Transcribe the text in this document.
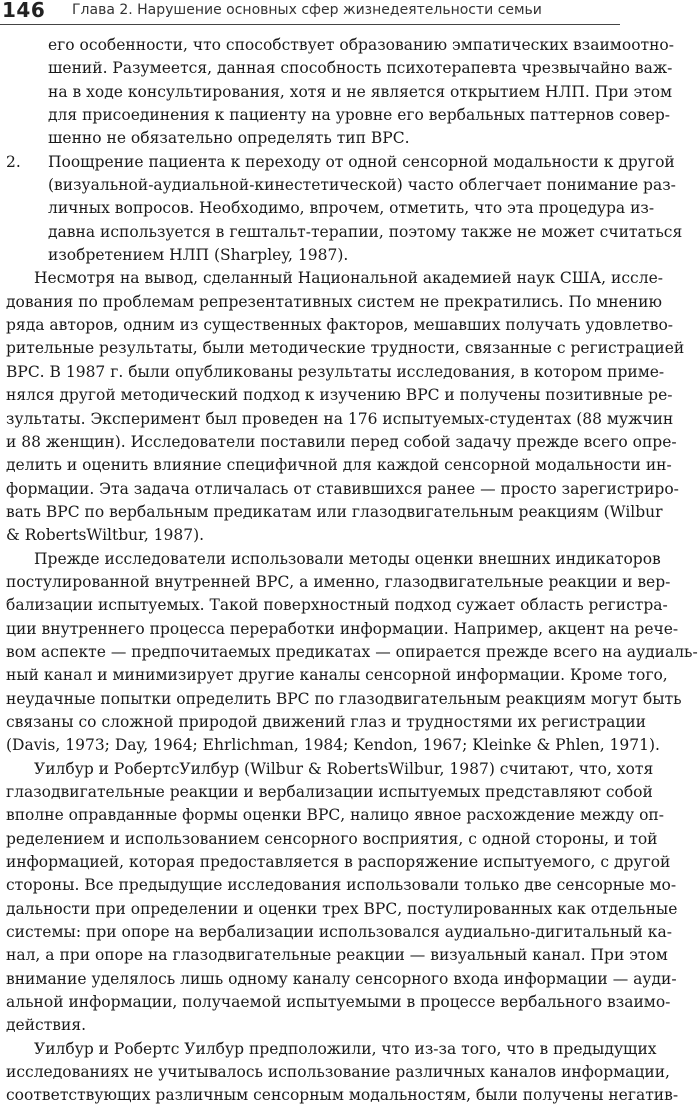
146 Глава 2. Нарушение основных сфер жизнедеятельности семьи
его особенности, что способствует образованию эмпатических взаимоотно-
шений. Разумеется, данная способность психотерапевта чрезвычайно важ-
на в ходе консультирования, хотя и не является открытием НЛП. При этом
для присоединения к пациенту на уровне его вербальных паттернов совер-
шенно не обязательно определять тип ВРС.
2. Поощрение пациента к переходу от одной сенсорной модальности к другой
(визуальной-аудиальной-кинестетической) часто облегчает понимание раз-
личных вопросов. Необходимо, впрочем, отметить, что эта процедура из-
давна используется в гештальт-терапии, поэтому также не может считаться
изобретением НЛП (Sharpley, 1987).
Несмотря на вывод, сделанный Национальной академией наук США, иссле-
дования по проблемам репрезентативных систем не прекратились. По мнению
ряда авторов, одним из существенных факторов, мешавших получать удовлетво-
рительные результаты, были методические трудности, связанные с регистрацией
ВРС. В 1987 г. были опубликованы результаты исследования, в котором приме-
нялся другой методический подход к изучению ВРС и получены позитивные ре-
зультаты. Эксперимент был проведен на 176 испытуемых-студентах (88 мужчин
и 88 женщин). Исследователи поставили перед собой задачу прежде всего опре-
делить и оценить влияние специфичной для каждой сенсорной модальности ин-
формации. Эта задача отличалась от ставившихся ранее — просто зарегистриро-
вать ВРС по вербальным предикатам или глазодвигательным реакциям (Wilbur
& RobertsWiltbur, 1987).
Прежде исследователи использовали методы оценки внешних индикаторов
постулированной внутренней ВРС, а именно, глазодвигательные реакции и вер-
бализации испытуемых. Такой поверхностный подход сужает область регистра-
ции внутреннего процесса переработки информации. Например, акцент на рече-
вом аспекте — предпочитаемых предикатах — опирается прежде всего на аудиаль-
ный канал и минимизирует другие каналы сенсорной информации. Кроме того,
неудачные попытки определить ВРС по глазодвигательным реакциям могут быть
связаны со сложной природой движений глаз и трудностями их регистрации
(Davis, 1973; Day, 1964; Ehrlichman, 1984; Kendon, 1967; Kleinke & Phlen, 1971).
Уилбур и РобертсУилбур (Wilbur & RobertsWilbur, 1987) считают, что, хотя
глазодвигательные реакции и вербализации испытуемых представляют собой
вполне оправданные формы оценки ВРС, налицо явное расхождение между оп-
ределением и использованием сенсорного восприятия, с одной стороны, и той
информацией, которая предоставляется в распоряжение испытуемого, с другой
стороны. Все предыдущие исследования использовали только две сенсорные мо-
дальности при определении и оценки трех ВРС, постулированных как отдельные
системы: при опоре на вербализации использовался аудиально-дигитальный ка-
нал, а при опоре на глазодвигательные реакции — визуальный канал. При этом
внимание уделялось лишь одному каналу сенсорного входа информации — ауди-
альной информации, получаемой испытуемыми в процессе вербального взаимо-
действия.
Уилбур и Робертс Уилбур предположили, что из-за того, что в предыдущих
исследованиях не учитывалось использование различных каналов информации,
соответствующих различным сенсорным модальностям, были получены негатив-
